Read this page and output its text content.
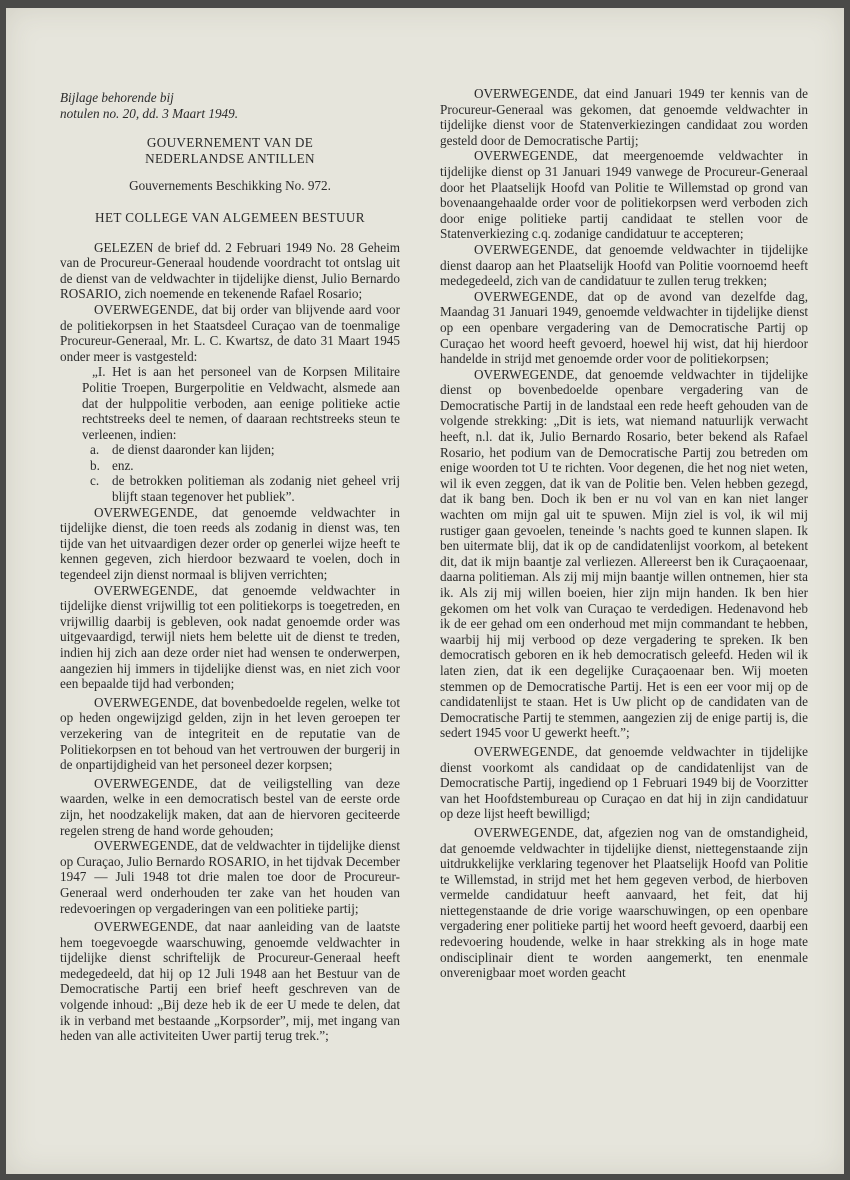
Bijlage behorende bij
notulen no. 20, dd. 3 Maart 1949.
GOUVERNEMENT VAN DE
NEDERLANDSE ANTILLEN
Gouvernements Beschikking No. 972.
HET COLLEGE VAN ALGEMEEN BESTUUR

GELEZEN de brief dd. 2 Februari 1949 No. 28 Geheim van de Procureur-Generaal houdende voordracht tot ontslag uit de dienst van de veldwachter in tijdelijke dienst, Julio Bernardo ROSARIO, zich noemende en tekenende Rafael Rosario;

OVERWEGENDE, dat bij order van blijvende aard voor de politiekorpsen in het Staatsdeel Curaçao van de toenmalige Procureur-Generaal, Mr. L. C. Kwartsz, de dato 31 Maart 1945 onder meer is vastgesteld:

„I. Het is aan het personeel van de Korpsen Militaire Politie Troepen, Burgerpolitie en Veldwacht, alsmede aan dat der hulppolitie verboden, aan eenige politieke actie rechtstreeks deel te nemen, of daaraan rechtstreeks steun te verleenen, indien:

a. de dienst daaronder kan lijden;
b. enz.
c. de betrokken politieman als zodanig niet geheel vrij blijft staan tegenover het publiek”.

OVERWEGENDE, dat genoemde veldwachter in tijdelijke dienst, die toen reeds als zodanig in dienst was, ten tijde van het uitvaardigen dezer order op generlei wijze heeft te kennen gegeven, zich hierdoor bezwaard te voelen, doch in tegendeel zijn dienst normaal is blijven verrichten;

OVERWEGENDE, dat genoemde veldwachter in tijdelijke dienst vrijwillig tot een politiekorps is toegetreden, en vrijwillig daarbij is gebleven, ook nadat genoemde order was uitgevaardigd, terwijl niets hem belette uit de dienst te treden, indien hij zich aan deze order niet had wensen te onderwerpen, aangezien hij immers in tijdelijke dienst was, en niet zich voor een bepaalde tijd had verbonden;

OVERWEGENDE, dat bovenbedoelde regelen, welke tot op heden ongewijzigd gelden, zijn in het leven geroepen ter verzekering van de integriteit en de reputatie van de Politiekorpsen en tot behoud van het vertrouwen der burgerij in de onpartijdigheid van het personeel dezer korpsen;

OVERWEGENDE, dat de veiligstelling van deze waarden, welke in een democratisch bestel van de eerste orde zijn, het noodzakelijk maken, dat aan de hiervoren geciteerde regelen streng de hand worde gehouden;

OVERWEGENDE, dat de veldwachter in tijdelijke dienst op Curaçao, Julio Bernardo ROSARIO, in het tijdvak December 1947 — Juli 1948 tot drie malen toe door de Procureur-Generaal werd onderhouden ter zake van het houden van redevoeringen op vergaderingen van een politieke partij;

OVERWEGENDE, dat naar aanleiding van de laatste hem toegevoegde waarschuwing, genoemde veldwachter in tijdelijke dienst schriftelijk de Procureur-Generaal heeft medegedeeld, dat hij op 12 Juli 1948 aan het Bestuur van de Democratische Partij een brief heeft geschreven van de volgende inhoud: „Bij deze heb ik de eer U mede te delen, dat ik in verband met bestaande „Korpsorder”, mij, met ingang van heden van alle activiteiten Uwer partij terug trek.”;

OVERWEGENDE, dat eind Januari 1949 ter kennis van de Procureur-Generaal was gekomen, dat genoemde veldwachter in tijdelijke dienst voor de Statenverkiezingen candidaat zou worden gesteld door de Democratische Partij;

OVERWEGENDE, dat meergenoemde veldwachter in tijdelijke dienst op 31 Januari 1949 vanwege de Procureur-Generaal door het Plaatselijk Hoofd van Politie te Willemstad op grond van bovenaangehaalde order voor de politiekorpsen werd verboden zich door enige politieke partij candidaat te stellen voor de Statenverkiezing c.q. zodanige candidatuur te accepteren;

OVERWEGENDE, dat genoemde veldwachter in tijdelijke dienst daarop aan het Plaatselijk Hoofd van Politie voornoemd heeft medegedeeld, zich van de candidatuur te zullen terug trekken;

OVERWEGENDE, dat op de avond van dezelfde dag, Maandag 31 Januari 1949, genoemde veldwachter in tijdelijke dienst op een openbare vergadering van de Democratische Partij op Curaçao het woord heeft gevoerd, hoewel hij wist, dat hij hierdoor handelde in strijd met genoemde order voor de politiekorpsen;

OVERWEGENDE, dat genoemde veldwachter in tijdelijke dienst op bovenbedoelde openbare vergadering van de Democratische Partij in de landstaal een rede heeft gehouden van de volgende strekking: „Dit is iets, wat niemand natuurlijk verwacht heeft, n.l. dat ik, Julio Bernardo Rosario, beter bekend als Rafael Rosario, het podium van de Democratische Partij zou betreden om enige woorden tot U te richten. Voor degenen, die het nog niet weten, wil ik even zeggen, dat ik van de Politie ben. Velen hebben gezegd, dat ik bang ben. Doch ik ben er nu vol van en kan niet langer wachten om mijn gal uit te spuwen. Mijn ziel is vol, ik wil mij rustiger gaan gevoelen, teneinde 's nachts goed te kunnen slapen. Ik ben uitermate blij, dat ik op de candidatenlijst voorkom, al betekent dit, dat ik mijn baantje zal verliezen. Allereerst ben ik Curaçaoenaar, daarna politieman. Als zij mij mijn baantje willen ontnemen, hier sta ik. Als zij mij willen boeien, hier zijn mijn handen. Ik ben hier gekomen om het volk van Curaçao te verdedigen. Hedenavond heb ik de eer gehad om een onderhoud met mijn commandant te hebben, waarbij hij mij verbood op deze vergadering te spreken. Ik ben democratisch geboren en ik heb democratisch geleefd. Heden wil ik laten zien, dat ik een degelijke Curaçaoenaar ben. Wij moeten stemmen op de Democratische Partij. Het is een eer voor mij op de candidatenlijst te staan. Het is Uw plicht op de candidaten van de Democratische Partij te stemmen, aangezien zij de enige partij is, die sedert 1945 voor U gewerkt heeft.”;

OVERWEGENDE, dat genoemde veldwachter in tijdelijke dienst voorkomt als candidaat op de candidatenlijst van de Democratische Partij, ingediend op 1 Februari 1949 bij de Voorzitter van het Hoofdstembureau op Curaçao en dat hij in zijn candidatuur op deze lijst heeft bewilligd;

OVERWEGENDE, dat, afgezien nog van de omstandigheid, dat genoemde veldwachter in tijdelijke dienst, niettegenstaande zijn uitdrukkelijke verklaring tegenover het Plaatselijk Hoofd van Politie te Willemstad, in strijd met het hem gegeven verbod, de hierboven vermelde candidatuur heeft aanvaard, het feit, dat hij niettegenstaande de drie vorige waarschuwingen, op een openbare vergadering ener politieke partij het woord heeft gevoerd, daarbij een redevoering houdende, welke in haar strekking als in hoge mate ondisciplinair dient te worden aangemerkt, ten enenmale onverenigbaar moet worden geacht
